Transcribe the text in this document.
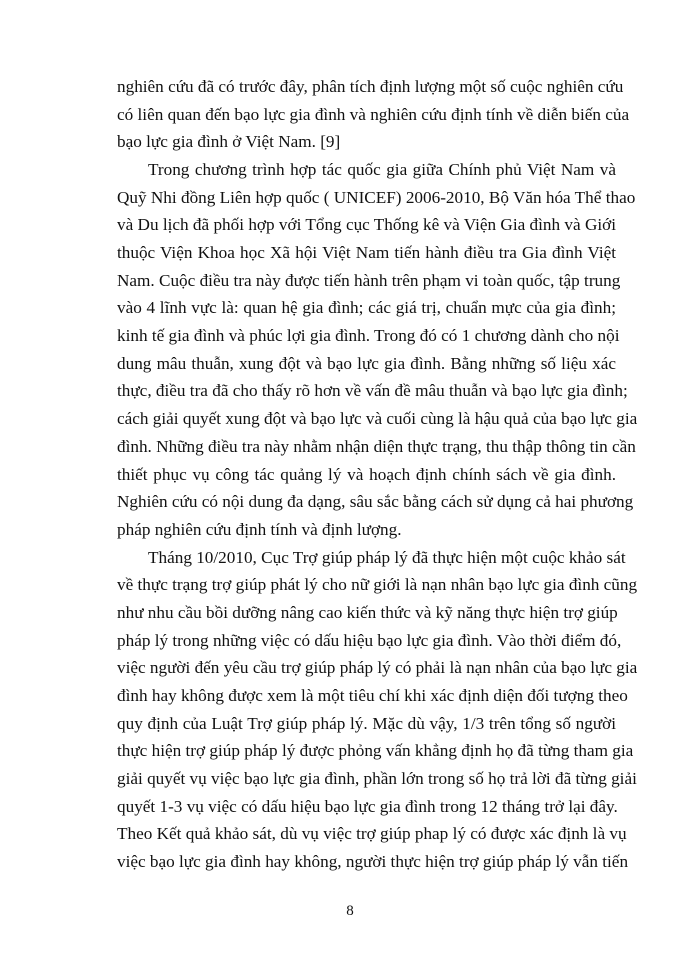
nghiên cứu đã có trước đây, phân tích định lượng một số cuộc nghiên cứu
có liên quan đến bạo lực gia đình và nghiên cứu định tính về diễn biến của
bạo lực gia đình ở Việt Nam. [9]
Trong chương trình hợp tác quốc gia giữa Chính phủ Việt Nam và
Quỹ Nhi đồng Liên hợp quốc ( UNICEF) 2006-2010, Bộ Văn hóa Thể thao
và Du lịch đã phối hợp với Tổng cục Thống kê và Viện Gia đình và Giới
thuộc Viện Khoa học Xã hội Việt Nam tiến hành điều tra Gia đình Việt
Nam. Cuộc điều tra này được tiến hành trên phạm vi toàn quốc, tập trung
vào 4 lĩnh vực là: quan hệ gia đình; các giá trị, chuẩn mực của gia đình;
kinh tế gia đình và phúc lợi gia đình. Trong đó có 1 chương dành cho nội
dung mâu thuẫn, xung đột và bạo lực gia đình. Bằng những số liệu xác
thực, điều tra đã cho thấy rõ hơn về vấn đề mâu thuẫn và bạo lực gia đình;
cách giải quyết xung đột và bạo lực và cuối cùng là hậu quả của bạo lực gia
đình. Những điều tra này nhằm nhận diện thực trạng, thu thập thông tin cần
thiết phục vụ công tác quảng lý và hoạch định chính sách về gia đình.
Nghiên cứu có nội dung đa dạng, sâu sắc bằng cách sử dụng cả hai phương
pháp nghiên cứu định tính và định lượng.
Tháng 10/2010, Cục Trợ giúp pháp lý đã thực hiện một cuộc khảo sát
về thực trạng trợ giúp phát lý cho nữ giới là nạn nhân bạo lực gia đình cũng
như nhu cầu bồi dưỡng nâng cao kiến thức và kỹ năng thực hiện trợ giúp
pháp lý trong những việc có dấu hiệu bạo lực gia đình. Vào thời điểm đó,
việc người đến yêu cầu trợ giúp pháp lý có phải là nạn nhân của bạo lực gia
đình hay không được xem là một tiêu chí khi xác định diện đối tượng theo
quy định của Luật Trợ giúp pháp lý. Mặc dù vậy, 1/3 trên tổng số người
thực hiện trợ giúp pháp lý được phỏng vấn khẳng định họ đã từng tham gia
giải quyết vụ việc bạo lực gia đình, phần lớn trong số họ trả lời đã từng giải
quyết 1-3 vụ việc có dấu hiệu bạo lực gia đình trong 12 tháng trở lại đây.
Theo Kết quả khảo sát, dù vụ việc trợ giúp phap lý có được xác định là vụ
việc bạo lực gia đình hay không, người thực hiện trợ giúp pháp lý vẫn tiến
8
